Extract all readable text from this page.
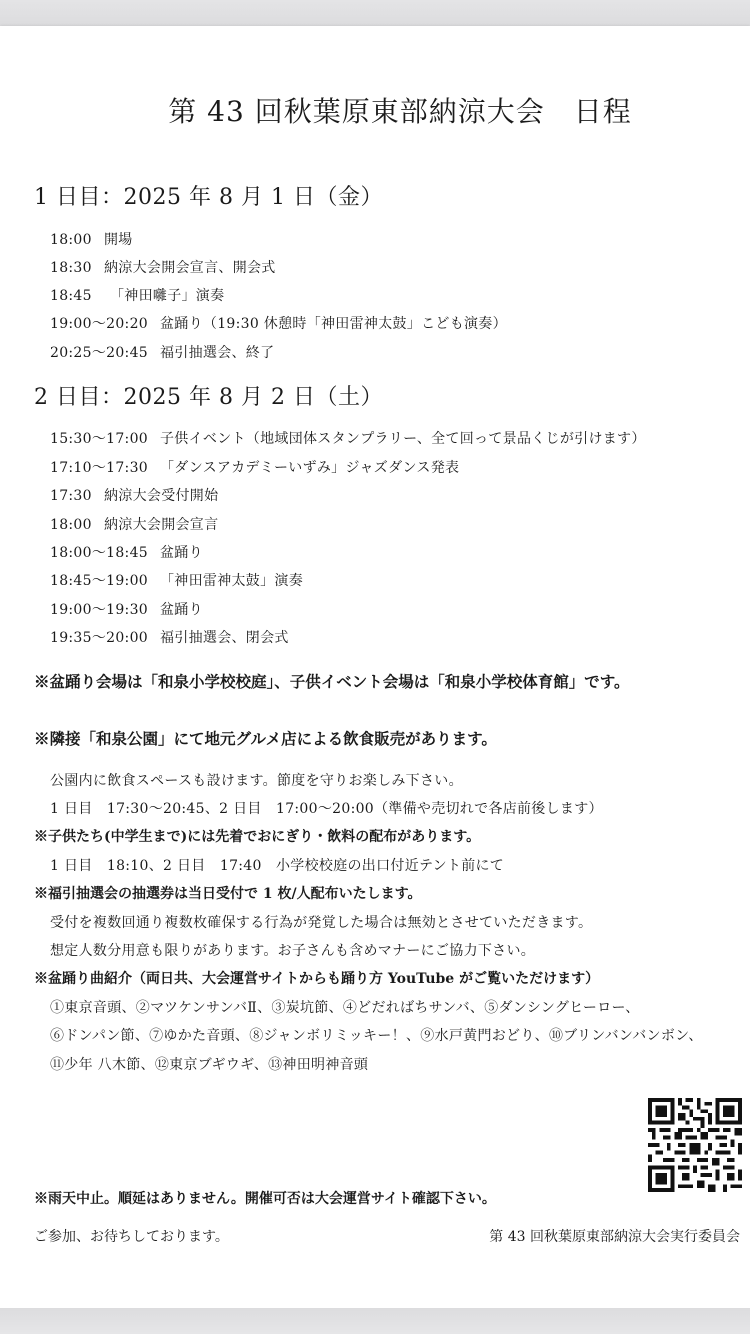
第 43 回秋葉原東部納涼大会　日程
1 日目：2025 年 8 月 1 日（金）
18:00 開場
18:30 納涼大会開会宣言、開会式
18:45 「神田囃子」演奏
19:00〜20:20 盆踊り（19:30 休憩時「神田雷神太鼓」こども演奏）
20:25〜20:45 福引抽選会、終了
2 日目：2025 年 8 月 2 日（土）
15:30〜17:00 子供イベント（地域団体スタンプラリー、全て回って景品くじが引けます）
17:10〜17:30 「ダンスアカデミーいずみ」ジャズダンス発表
17:30 納涼大会受付開始
18:00 納涼大会開会宣言
18:00〜18:45 盆踊り
18:45〜19:00 「神田雷神太鼓」演奏
19:00〜19:30 盆踊り
19:35〜20:00 福引抽選会、閉会式
※盆踊り会場は「和泉小学校校庭」、子供イベント会場は「和泉小学校体育館」です。
※隣接「和泉公園」にて地元グルメ店による飲食販売があります。
公園内に飲食スペースも設けます。節度を守りお楽しみ下さい。
1 日目　17:30〜20:45、2 日目　17:00〜20:00（準備や売切れで各店前後します）
※子供たち(中学生まで)には先着でおにぎり・飲料の配布があります。
1 日目　18:10、2 日目　17:40　小学校校庭の出口付近テント前にて
※福引抽選会の抽選券は当日受付で 1 枚/人配布いたします。
受付を複数回通り複数枚確保する行為が発覚した場合は無効とさせていただきます。
想定人数分用意も限りがあります。お子さんも含めマナーにご協力下さい。
※盆踊り曲紹介（両日共、大会運営サイトからも踊り方 YouTube がご覧いただけます）
①東京音頭、②マツケンサンバⅡ、③炭坑節、④どだればちサンバ、⑤ダンシングヒーロー、
⑥ドンパン節、⑦ゆかた音頭、⑧ジャンボリミッキー！、⑨水戸黄門おどり、⑩ブリンバンバンボン、
⑪少年 八木節、⑫東京ブギウギ、⑬神田明神音頭
※雨天中止。順延はありません。開催可否は大会運営サイト確認下さい。
ご参加、お待ちしております。	第 43 回秋葉原東部納涼大会実行委員会
